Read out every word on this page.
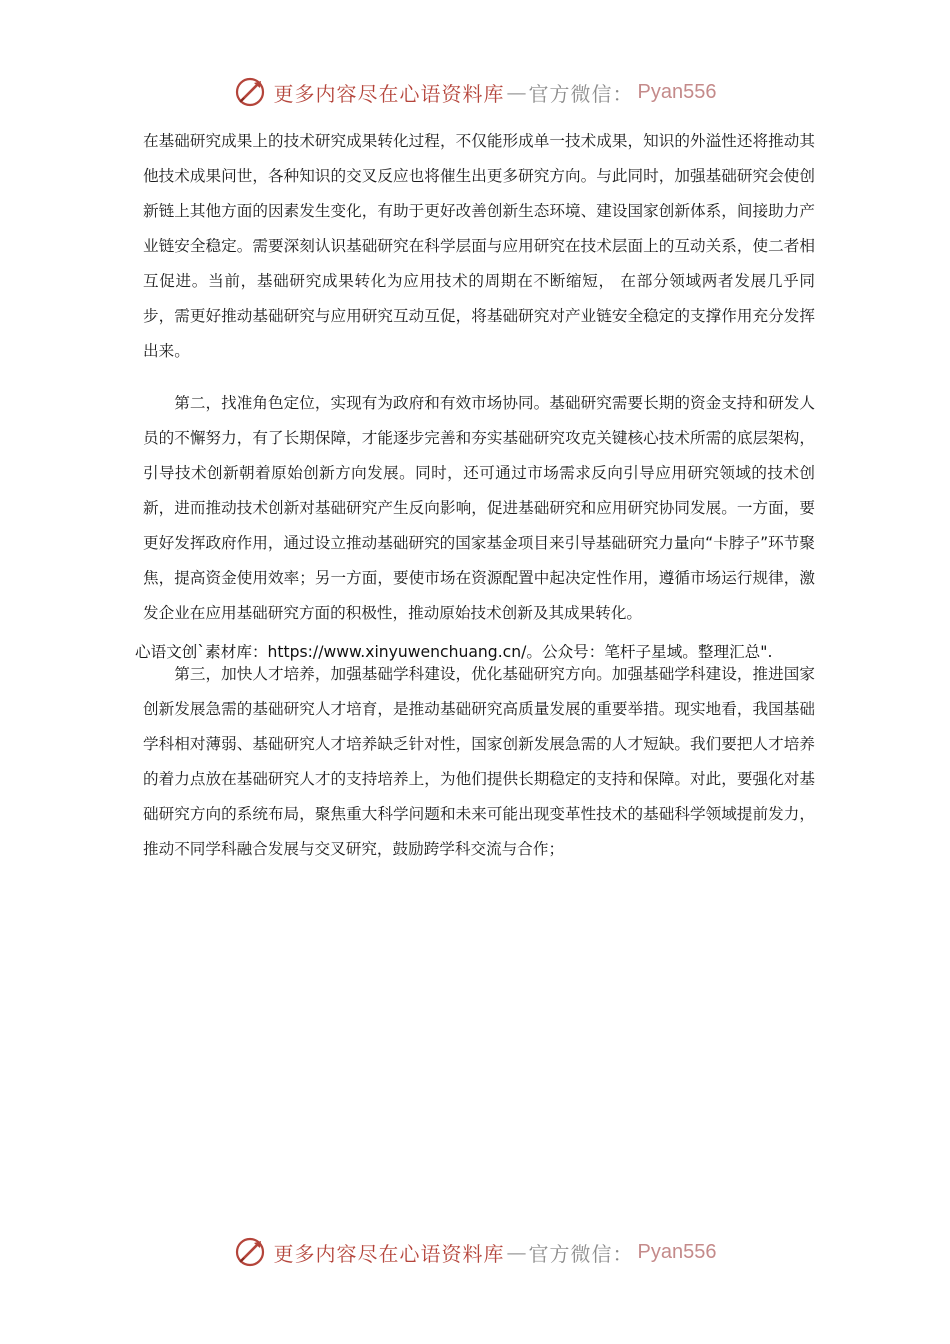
更多内容尽在心语资料库 — 官方微信： Pyan556

在基础研究成果上的技术研究成果转化过程，不仅能形成单一技术成果，知识的外溢性还将推动其他技术成果问世，各种知识的交叉反应也将催生出更多研究方向。与此同时，加强基础研究会使创新链上其他方面的因素发生变化，有助于更好改善创新生态环境、建设国家创新体系，间接助力产业链安全稳定。需要深刻认识基础研究在科学层面与应用研究在技术层面上的互动关系，使二者相互促进。当前，基础研究成果转化为应用技术的周期在不断缩短， 在部分领域两者发展几乎同步，需更好推动基础研究与应用研究互动互促，将基础研究对产业链安全稳定的支撑作用充分发挥出来。

第二，找准角色定位，实现有为政府和有效市场协同。基础研究需要长期的资金支持和研发人员的不懈努力，有了长期保障，才能逐步完善和夯实基础研究攻克关键核心技术所需的底层架构，引导技术创新朝着原始创新方向发展。同时，还可通过市场需求反向引导应用研究领域的技术创新，进而推动技术创新对基础研究产生反向影响，促进基础研究和应用研究协同发展。一方面，要更好发挥政府作用，通过设立推动基础研究的国家基金项目来引导基础研究力量向“卡脖子”环节聚焦，提高资金使用效率；另一方面，要使市场在资源配置中起决定性作用，遵循市场运行规律，激发企业在应用基础研究方面的积极性，推动原始技术创新及其成果转化。

心语文创`素材库：https://www.xinyuwenchuang.cn/。公众号：笔杆子星域。整理汇总".

第三，加快人才培养，加强基础学科建设，优化基础研究方向。加强基础学科建设，推进国家创新发展急需的基础研究人才培育，是推动基础研究高质量发展的重要举措。现实地看，我国基础学科相对薄弱、基础研究人才培养缺乏针对性，国家创新发展急需的人才短缺。我们要把人才培养的着力点放在基础研究人才的支持培养上，为他们提供长期稳定的支持和保障。对此，要强化对基础研究方向的系统布局，聚焦重大科学问题和未来可能出现变革性技术的基础科学领域提前发力，推动不同学科融合发展与交叉研究，鼓励跨学科交流与合作；

更多内容尽在心语资料库 — 官方微信： Pyan556
